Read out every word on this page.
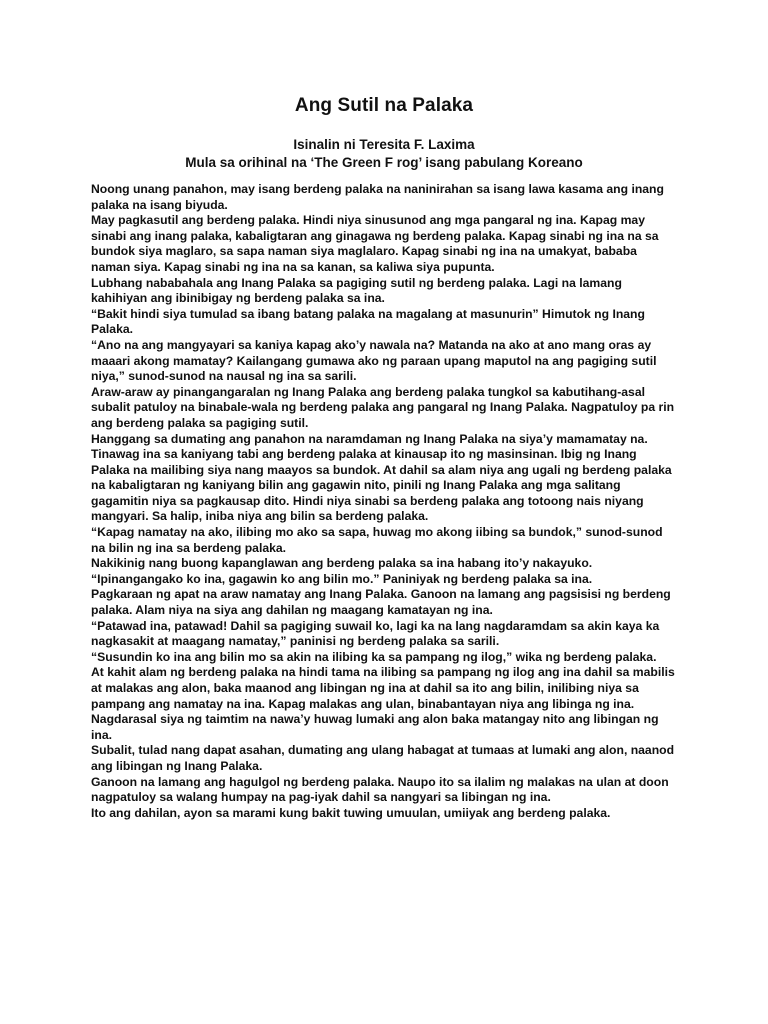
Ang Sutil na Palaka
Isinalin ni Teresita F. Laxima
Mula sa orihinal na ‘The Green F rog’ isang pabulang Koreano

Noong unang panahon, may isang berdeng palaka na naninirahan sa isang lawa kasama ang inang palaka na isang biyuda.

May pagkasutil ang berdeng palaka. Hindi niya sinusunod ang mga pangaral ng ina. Kapag may sinabi ang inang palaka, kabaligtaran ang ginagawa ng berdeng palaka. Kapag sinabi ng ina na sa bundok siya maglaro, sa sapa naman siya maglalaro. Kapag sinabi ng ina na umakyat, bababa naman siya. Kapag sinabi ng ina na sa kanan, sa kaliwa siya pupunta.

Lubhang nababahala ang Inang Palaka sa pagiging sutil ng berdeng palaka. Lagi na lamang kahihiyan ang ibinibigay ng berdeng palaka sa ina.

“Bakit hindi siya tumulad sa ibang batang palaka na magalang at masunurin” Himutok ng Inang Palaka.

“Ano na ang mangyayari sa kaniya kapag ako’y nawala na? Matanda na ako at ano mang oras ay maaari akong mamatay? Kailangang gumawa ako ng paraan upang maputol na ang pagiging sutil niya,” sunod-sunod na nausal ng ina sa sarili.

Araw-araw ay pinangangaralan ng Inang Palaka ang berdeng palaka tungkol sa kabutihang-asal subalit patuloy na binabale-wala ng berdeng palaka ang pangaral ng Inang Palaka. Nagpatuloy pa rin ang berdeng palaka sa pagiging sutil.

Hanggang sa dumating ang panahon na naramdaman ng Inang Palaka na siya’y mamamatay na. Tinawag ina sa kaniyang tabi ang berdeng palaka at kinausap ito ng masinsinan. Ibig ng Inang Palaka na mailibing siya nang maayos sa bundok. At dahil sa alam niya ang ugali ng berdeng palaka na kabaligtaran ng kaniyang bilin ang gagawin nito, pinili ng Inang Palaka ang mga salitang gagamitin niya sa pagkausap dito. Hindi niya sinabi sa berdeng palaka ang totoong nais niyang mangyari. Sa halip, iniba niya ang bilin sa berdeng palaka.

“Kapag namatay na ako, ilibing mo ako sa sapa, huwag mo akong iibing sa bundok,” sunod-sunod na bilin ng ina sa berdeng palaka.

Nakikinig nang buong kapanglawan ang berdeng palaka sa ina habang ito’y nakayuko.

“Ipinangangako ko ina, gagawin ko ang bilin mo.” Paniniyak ng berdeng palaka sa ina.

Pagkaraan ng apat na araw namatay ang Inang Palaka. Ganoon na lamang ang pagsisisi ng berdeng palaka. Alam niya na siya ang dahilan ng maagang kamatayan ng ina.

“Patawad ina, patawad! Dahil sa pagiging suwail ko, lagi ka na lang nagdaramdam sa akin kaya ka nagkasakit at maagang namatay,” paninisi ng berdeng palaka sa sarili.

“Susundin ko ina ang bilin mo sa akin na ilibing ka sa pampang ng ilog,” wika ng berdeng palaka.

At kahit alam ng berdeng palaka na hindi tama na ilibing sa pampang ng ilog ang ina dahil sa mabilis at malakas ang alon, baka maanod ang libingan ng ina at dahil sa ito ang bilin, inilibing niya sa pampang ang namatay na ina. Kapag malakas ang ulan, binabantayan niya ang libinga ng ina. Nagdarasal siya ng taimtim na nawa’y huwag lumaki ang alon baka matangay nito ang libingan ng ina.

Subalit, tulad nang dapat asahan, dumating ang ulang habagat at tumaas at lumaki ang alon, naanod ang libingan ng Inang Palaka.

Ganoon na lamang ang hagulgol ng berdeng palaka. Naupo ito sa ilalim ng malakas na ulan at doon nagpatuloy sa walang humpay na pag-iyak dahil sa nangyari sa libingan ng ina.

Ito ang dahilan, ayon sa marami kung bakit tuwing umuulan, umiiyak ang berdeng palaka.
